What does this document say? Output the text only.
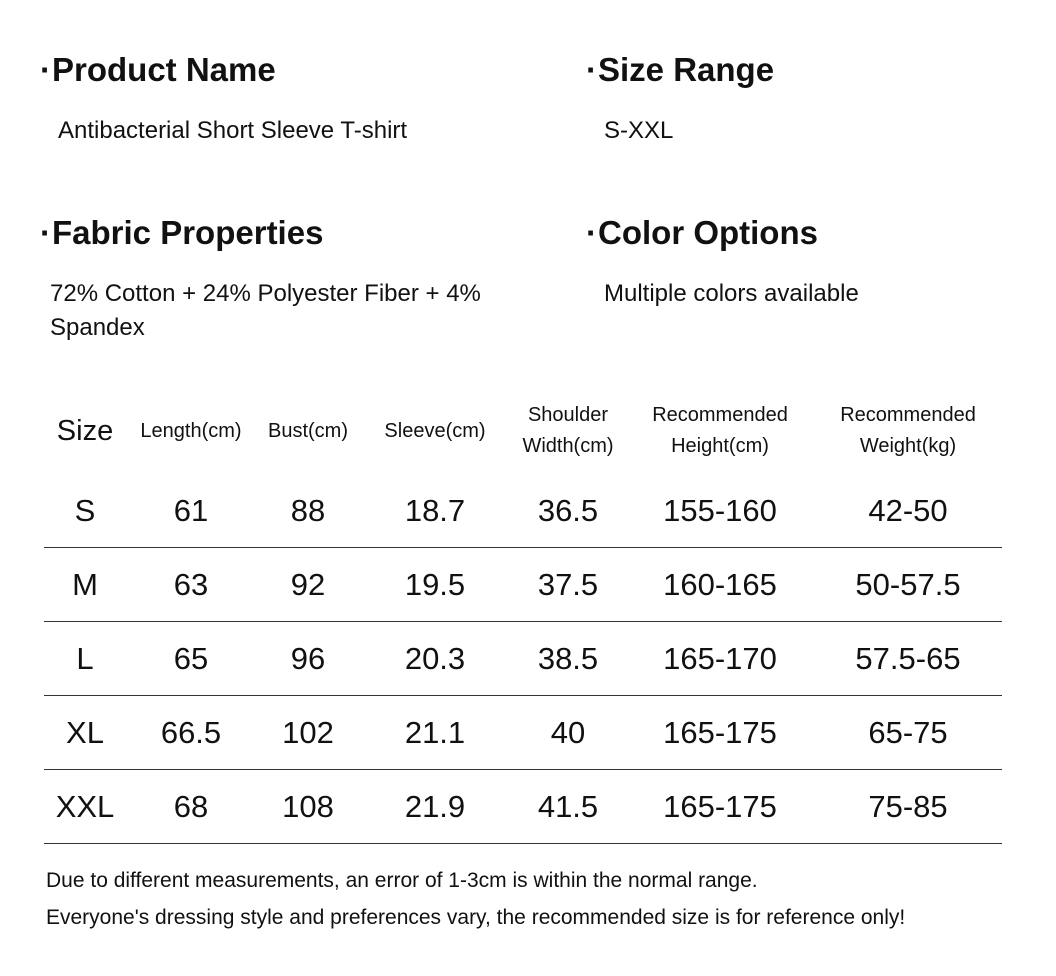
·Product Name
Antibacterial Short Sleeve T-shirt
·Size Range
S-XXL
·Fabric Properties
72% Cotton + 24% Polyester Fiber + 4% Spandex
·Color Options
Multiple colors available
Size	Length(cm)	Bust(cm)	Sleeve(cm)	Shoulder Width(cm)	Recommended Height(cm)	Recommended Weight(kg)
S	61	88	18.7	36.5	155-160	42-50
M	63	92	19.5	37.5	160-165	50-57.5
L	65	96	20.3	38.5	165-170	57.5-65
XL	66.5	102	21.1	40	165-175	65-75
XXL	68	108	21.9	41.5	165-175	75-85
Due to different measurements, an error of 1-3cm is within the normal range.
Everyone's dressing style and preferences vary, the recommended size is for reference only!
